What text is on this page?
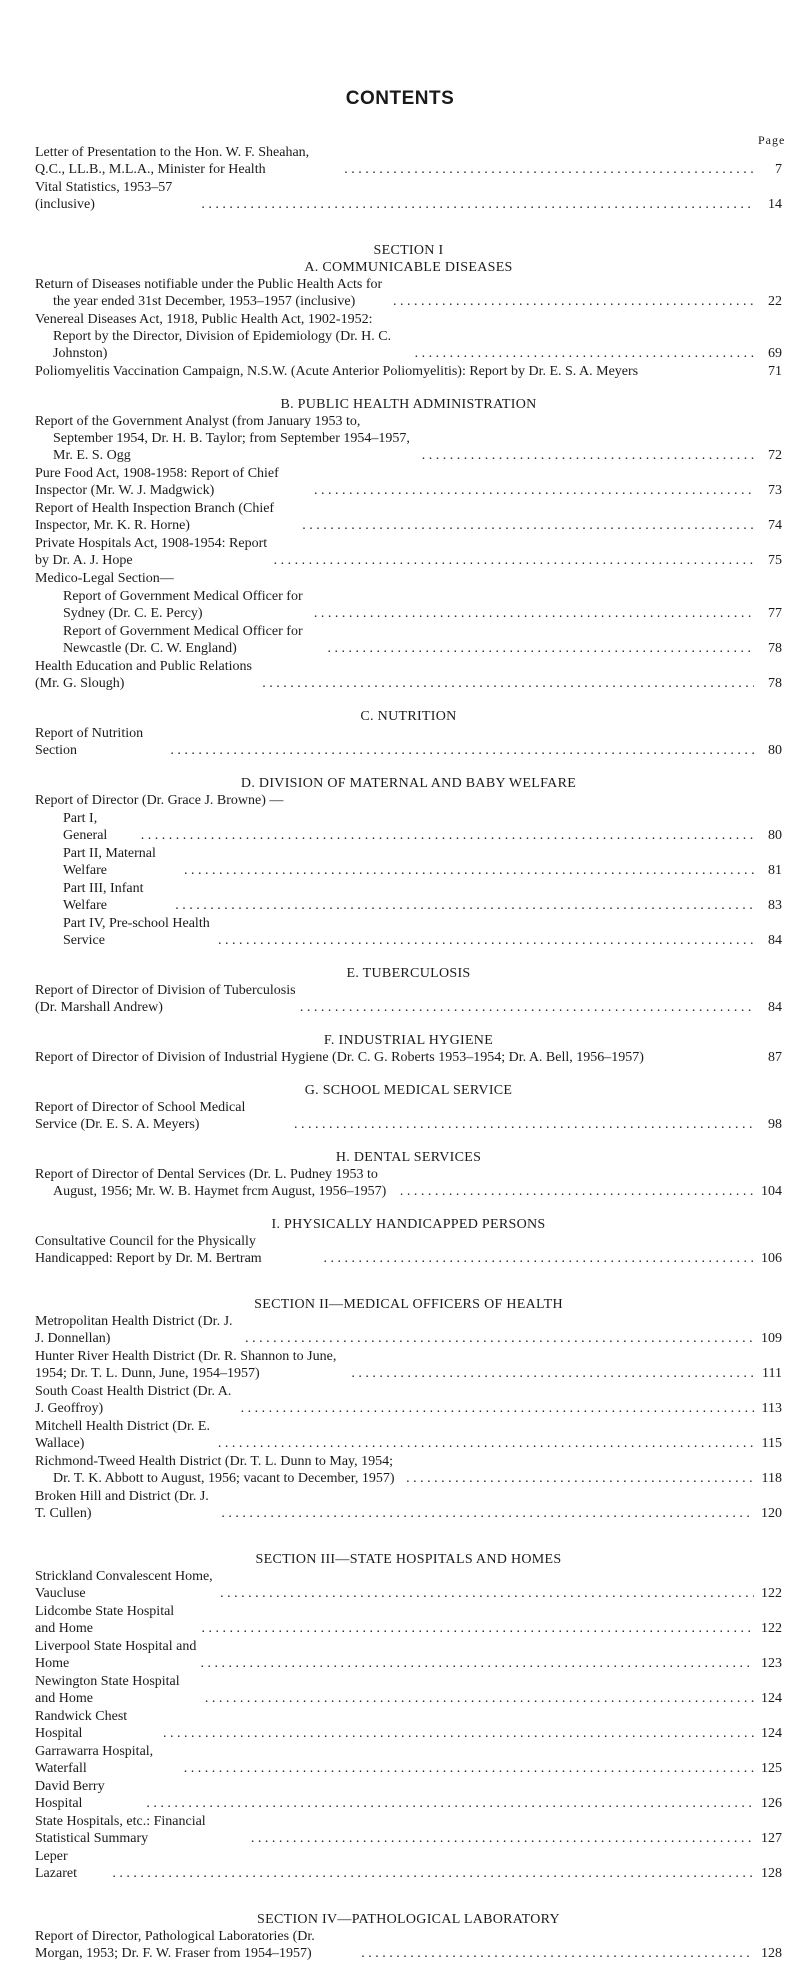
CONTENTS
Page
Letter of Presentation to the Hon. W. F. Sheahan, Q.C., LL.B., M.L.A., Minister for Health . .	7
Vital Statistics, 1953–57 (inclusive) . .	14
SECTION I
A. COMMUNICABLE DISEASES
Return of Diseases notifiable under the Public Health Acts for the year ended 31st December, 1953–1957 (inclusive) . .	22
Venereal Diseases Act, 1918, Public Health Act, 1902-1952: Report by the Director, Division of Epidemiology (Dr. H. C. Johnston) . .	69
Poliomyelitis Vaccination Campaign, N.S.W. (Acute Anterior Poliomyelitis): Report by Dr. E. S. A. Meyers	71
B. PUBLIC HEALTH ADMINISTRATION
Report of the Government Analyst (from January 1953 to, September 1954, Dr. H. B. Taylor; from September 1954–1957, Mr. E. S. Ogg . .	72
Pure Food Act, 1908-1958: Report of Chief Inspector (Mr. W. J. Madgwick) . .	73
Report of Health Inspection Branch (Chief Inspector, Mr. K. R. Horne) . .	74
Private Hospitals Act, 1908-1954: Report by Dr. A. J. Hope . .	75
Medico-Legal Section—
Report of Government Medical Officer for Sydney (Dr. C. E. Percy) . .	77
Report of Government Medical Officer for Newcastle (Dr. C. W. England) . .	78
Health Education and Public Relations (Mr. G. Slough) . .	78
C. NUTRITION
Report of Nutrition Section . .	80
D. DIVISION OF MATERNAL AND BABY WELFARE
Report of Director (Dr. Grace J. Browne) —
Part I, General . .	80
Part II, Maternal Welfare . .	81
Part III, Infant Welfare . .	83
Part IV, Pre-school Health Service . .	84
E. TUBERCULOSIS
Report of Director of Division of Tuberculosis (Dr. Marshall Andrew) . .	84
F. INDUSTRIAL HYGIENE
Report of Director of Division of Industrial Hygiene (Dr. C. G. Roberts 1953–1954; Dr. A. Bell, 1956–1957)	87
G. SCHOOL MEDICAL SERVICE
Report of Director of School Medical Service (Dr. E. S. A. Meyers) . .	98
H. DENTAL SERVICES
Report of Director of Dental Services (Dr. L. Pudney 1953 to August, 1956; Mr. W. B. Haymet frcm August, 1956–1957) . .	104
I. PHYSICALLY HANDICAPPED PERSONS
Consultative Council for the Physically Handicapped: Report by Dr. M. Bertram . .	106
SECTION II—MEDICAL OFFICERS OF HEALTH
Metropolitan Health District (Dr. J. J. Donnellan) . .	109
Hunter River Health District (Dr. R. Shannon to June, 1954; Dr. T. L. Dunn, June, 1954–1957) . .	111
South Coast Health District (Dr. A. J. Geoffroy) . .	113
Mitchell Health District (Dr. E. Wallace) . .	115
Richmond-Tweed Health District (Dr. T. L. Dunn to May, 1954; Dr. T. K. Abbott to August, 1956; vacant to December, 1957) . .	118
Broken Hill and District (Dr. J. T. Cullen) . .	120
SECTION III—STATE HOSPITALS AND HOMES
Strickland Convalescent Home, Vaucluse . .	122
Lidcombe State Hospital and Home . .	122
Liverpool State Hospital and Home . .	123
Newington State Hospital and Home . .	124
Randwick Chest Hospital . .	124
Garrawarra Hospital, Waterfall . .	125
David Berry Hospital . .	126
State Hospitals, etc.: Financial Statistical Summary . .	127
Leper Lazaret . .	128
SECTION IV—PATHOLOGICAL LABORATORY
Report of Director, Pathological Laboratories (Dr. Morgan, 1953; Dr. F. W. Fraser from 1954–1957) . .	128
